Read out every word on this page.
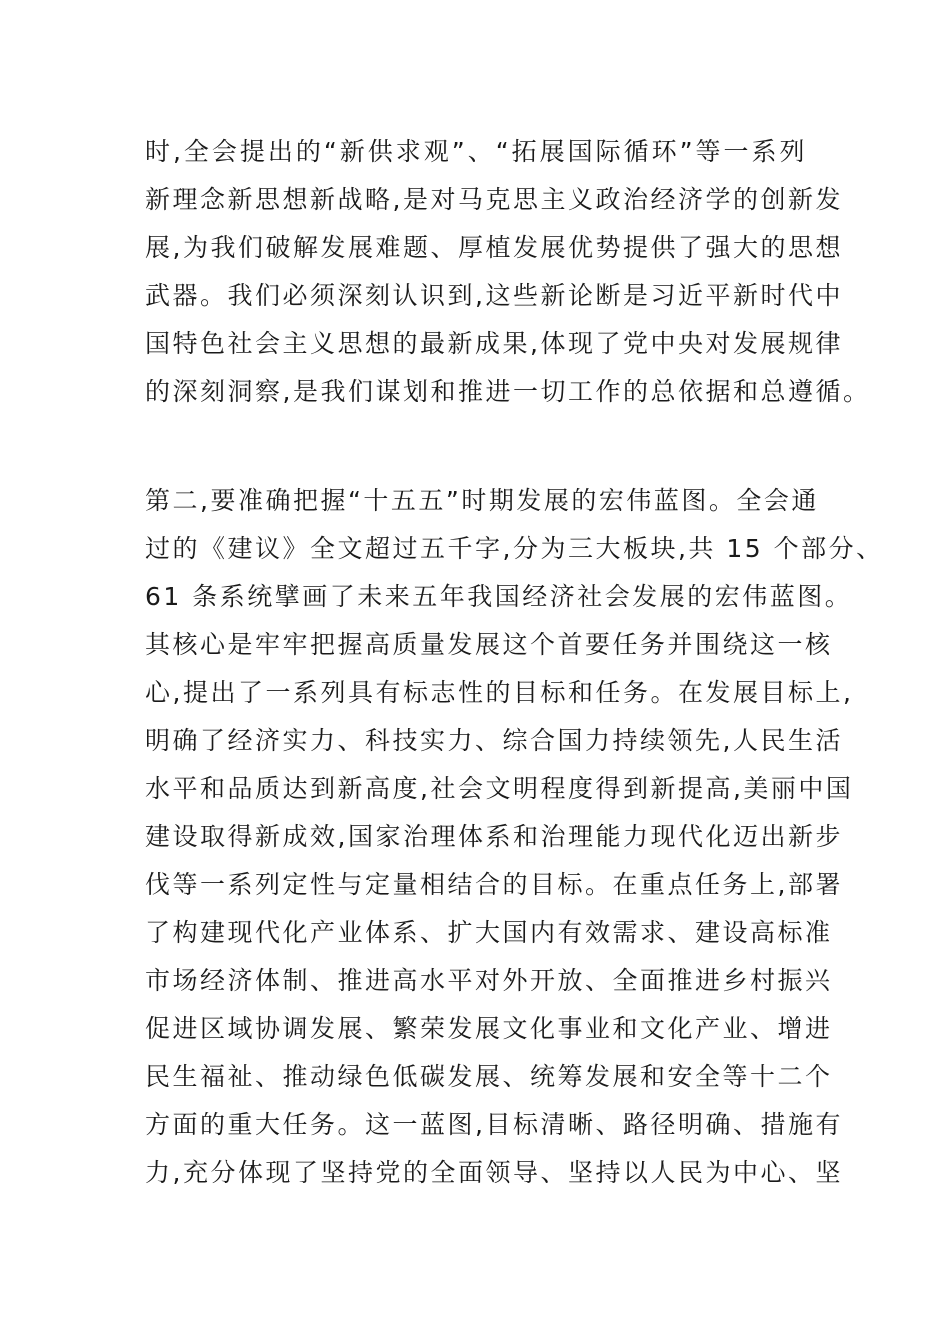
时,全会提出的“新供求观”、“拓展国际循环”等一系列
新理念新思想新战略,是对马克思主义政治经济学的创新发
展,为我们破解发展难题、厚植发展优势提供了强大的思想
武器。我们必须深刻认识到,这些新论断是习近平新时代中
国特色社会主义思想的最新成果,体现了党中央对发展规律
的深刻洞察,是我们谋划和推进一切工作的总依据和总遵循。
第二,要准确把握“十五五”时期发展的宏伟蓝图。全会通
过的《建议》全文超过五千字,分为三大板块,共 15 个部分、
61 条系统擘画了未来五年我国经济社会发展的宏伟蓝图。
其核心是牢牢把握高质量发展这个首要任务并围绕这一核
心,提出了一系列具有标志性的目标和任务。在发展目标上,
明确了经济实力、科技实力、综合国力持续领先,人民生活
水平和品质达到新高度,社会文明程度得到新提高,美丽中国
建设取得新成效,国家治理体系和治理能力现代化迈出新步
伐等一系列定性与定量相结合的目标。在重点任务上,部署
了构建现代化产业体系、扩大国内有效需求、建设高标准
市场经济体制、推进高水平对外开放、全面推进乡村振兴
促进区域协调发展、繁荣发展文化事业和文化产业、增进
民生福祉、推动绿色低碳发展、统筹发展和安全等十二个
方面的重大任务。这一蓝图,目标清晰、路径明确、措施有
力,充分体现了坚持党的全面领导、坚持以人民为中心、坚
